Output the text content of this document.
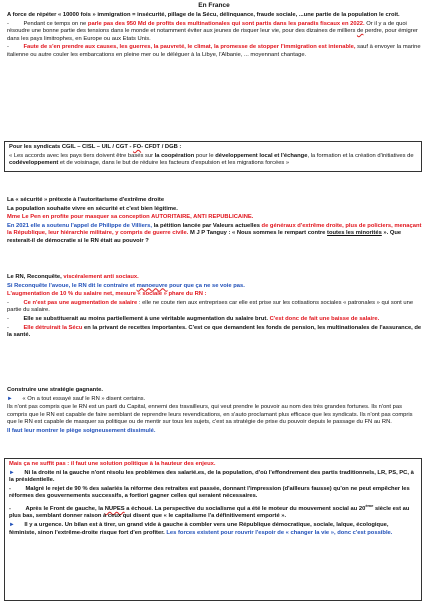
En France

A force de répéter « 10000 fois » immigration = insécurité, pillage de la Sécu, délinquance, fraude sociale, ...une partie de la population le croit.

-	Pendant ce temps on ne parle pas des 950 Md de profits des multinationales qui sont partis dans les paradis fiscaux en 2022. Or il y a de quoi résoudre une bonne partie des tensions dans le monde et notamment éviter aux jeunes de risquer leur vie, pour des dizaines de milliers de perdre, pour émigrer dans les pays limitrophes, en Europe ou aux Etats Unis.

-	Faute de s'en prendre aux causes, les guerres, la pauvreté, le climat, la promesse de stopper l'immigration est intenable, sauf à envoyer la marine italienne ou autre couler les embarcations en pleine mer ou le déléguer à la Libye, l'Albanie, ... moyennant chantage.

Pour les syndicats CGIL – CISL – UIL / CGT - FO- CFDT / DGB :

« Les accords avec les pays tiers doivent être basés sur la coopération pour le développement local et l'échange, la formation et la création d'initiatives de codéveloppement et de voisinage, dans le but de réduire les facteurs d'expulsion et les migrations forcées »

La « sécurité » prétexte à l'autoritarisme d'extrême droite

La population souhaite vivre en sécurité et c'est bien légitime.

Mme Le Pen en profite pour masquer sa conception AUTORITAIRE, ANTI REPUBLICAINE.

En 2021 elle a soutenu l'appel de Philippe de Villiers, la pétition lancée par Valeurs actuelles de généraux d'extrême droite, plus de policiers, menaçant la République, leur hiérarchie militaire, y compris de guerre civile. M J P Tanguy : « Nous sommes le rempart contre toutes les minorités ». Que resterait-il de démocratie si le RN était au pouvoir ?

Le RN, Reconquête, viscéralement anti sociaux.

Si Reconquête l'avoue, le RN dit le contraire et manoeuvre pour que ça ne se voie pas.

L'augmentation de 10 % du salaire net, mesure « sociale » phare du RN :

-	Ce n'est pas une augmentation de salaire : elle ne coute rien aux entreprises car elle est prise sur les cotisations sociales « patronales » qui sont une partie du salaire.

-	Elle se substituerait au moins partiellement à une véritable augmentation du salaire brut. C'est donc de fait une baisse de salaire.

-	Elle détruirait la Sécu en la privant de recettes importantes. C'est ce que demandent les fonds de pension, les multinationales de l'assurance, de la santé.

Construire une stratégie gagnante.

► « On a tout essayé sauf le RN » disent certains.

Ils n'ont pas compris que le RN est un parti du Capital, ennemi des travailleurs, qui veut prendre le pouvoir au nom des très grandes fortunes. Ils n'ont pas compris que le RN est capable de faire semblant de reprendre leurs revendications, en s'auto proclamant plus efficace que les syndicats. Ils n'ont pas compris que le RN est capable de masquer sa politique ou de mentir sur tous les sujets, c'est sa stratégie de prise du pouvoir depuis le passage du FN au RN.

Il faut leur montrer le piège soigneusement dissimulé.

Mais ça ne suffit pas : il faut une solution politique à la hauteur des enjeux.

► Ni la droite ni la gauche n'ont résolu les problèmes des salarié.es, de la population, d'où l'effondrement des partis traditionnels, LR, PS, PC, à la présidentielle.

-	Malgré le rejet de 90 % des salariés la réforme des retraites est passée, donnant l'impression (d'ailleurs fausse) qu'on ne peut empêcher les réformes des gouvernements successifs, a fortiori gagner celles qui seraient nécessaires.

-	Après le Front de gauche, la NUPES a échoué. La perspective du socialisme qui a été le moteur du mouvement social au 20ème siècle est au plus bas, semblant donner raison à ceux qui disent que « le capitalisme l'a définitivement emporté ».

► Il y a urgence. Un bilan est à tirer, un grand vide à gauche à combler vers une République démocratique, sociale, laïque, écologique, féministe, sinon l'extrême-droite risque fort d'en profiter. Les forces existent pour rouvrir l'espoir de « changer la vie », donc c'est possible.
